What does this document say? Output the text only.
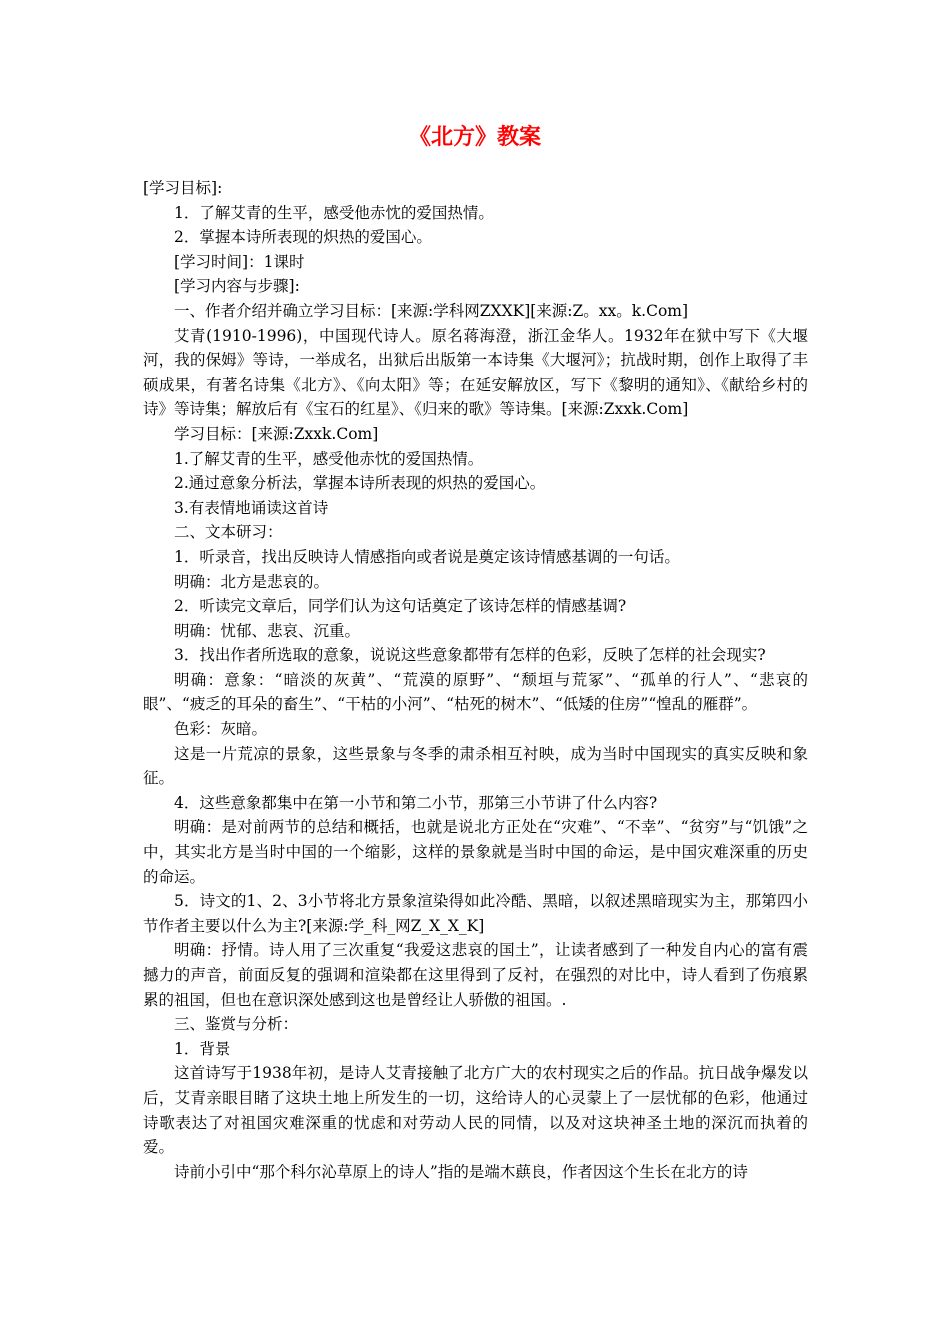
《北方》教案

[学习目标]:

1．了解艾青的生平，感受他赤忱的爱国热情。

2．掌握本诗所表现的炽热的爱国心。

[学习时间]：1课时

[学习内容与步骤]:

一、作者介绍并确立学习目标：[来源:学科网ZXXK][来源:Z。xx。k.Com]

艾青(1910-1996)，中国现代诗人。原名蒋海澄，浙江金华人。1932年在狱中写下《大堰河，我的保姆》等诗，一举成名，出狱后出版第一本诗集《大堰河》；抗战时期，创作上取得了丰硕成果，有著名诗集《北方》、《向太阳》等；在延安解放区，写下《黎明的通知》、《献给乡村的诗》等诗集；解放后有《宝石的红星》、《归来的歌》等诗集。[来源:Zxxk.Com]

学习目标：[来源:Zxxk.Com]

1.了解艾青的生平，感受他赤忱的爱国热情。

2.通过意象分析法，掌握本诗所表现的炽热的爱国心。

3.有表情地诵读这首诗

二、文本研习：

1．听录音，找出反映诗人情感指向或者说是奠定该诗情感基调的一句话。

明确：北方是悲哀的。

2．听读完文章后，同学们认为这句话奠定了该诗怎样的情感基调?

明确：忧郁、悲哀、沉重。

3．找出作者所选取的意象，说说这些意象都带有怎样的色彩，反映了怎样的社会现实?

明确：意象：“暗淡的灰黄”、“荒漠的原野”、“颓垣与荒冢”、“孤单的行人”、“悲哀的眼”、“疲乏的耳朵的畜生”、“干枯的小河”、“枯死的树木”、“低矮的住房”“惶乱的雁群”。

色彩：灰暗。

这是一片荒凉的景象，这些景象与冬季的肃杀相互衬映，成为当时中国现实的真实反映和象征。

4．这些意象都集中在第一小节和第二小节，那第三小节讲了什么内容?

明确：是对前两节的总结和概括，也就是说北方正处在“灾难”、“不幸”、“贫穷”与“饥饿”之中，其实北方是当时中国的一个缩影，这样的景象就是当时中国的命运，是中国灾难深重的历史的命运。

5．诗文的1、2、3小节将北方景象渲染得如此冷酷、黑暗，以叙述黑暗现实为主，那第四小节作者主要以什么为主?[来源:学_科_网Z_X_X_K]

明确：抒情。诗人用了三次重复“我爱这悲哀的国土”，让读者感到了一种发自内心的富有震撼力的声音，前面反复的强调和渲染都在这里得到了反衬，在强烈的对比中，诗人看到了伤痕累累的祖国，但也在意识深处感到这也是曾经让人骄傲的祖国。.

三、鉴赏与分析：

1．背景

这首诗写于1938年初，是诗人艾青接触了北方广大的农村现实之后的作品。抗日战争爆发以后，艾青亲眼目睹了这块土地上所发生的一切，这给诗人的心灵蒙上了一层忧郁的色彩，他通过诗歌表达了对祖国灾难深重的忧虑和对劳动人民的同情，以及对这块神圣土地的深沉而执着的爱。

诗前小引中“那个科尔沁草原上的诗人”指的是端木蕻良，作者因这个生长在北方的诗
